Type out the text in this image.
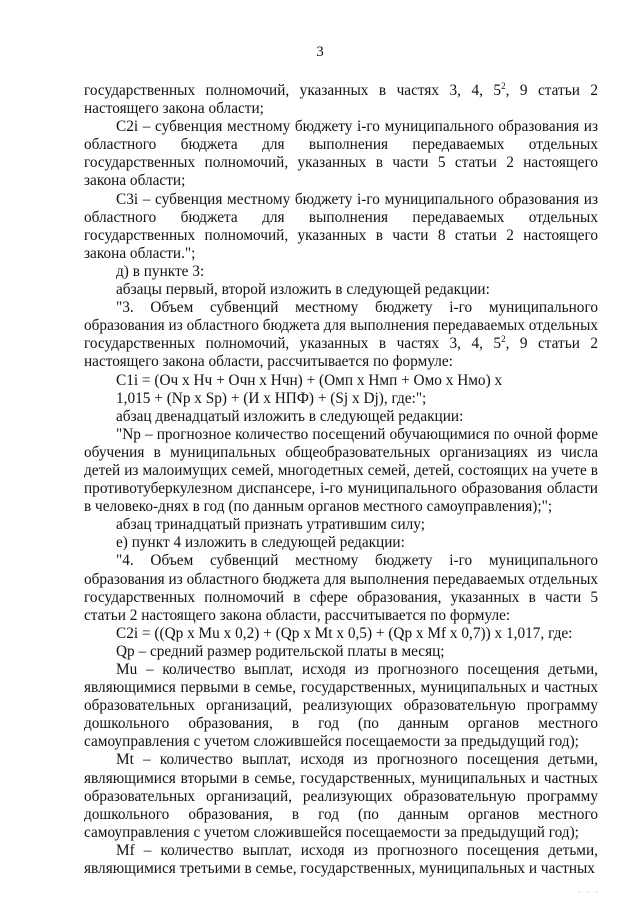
3

государственных полномочий, указанных в частях 3, 4, $5^2$, 9 статьи 2 настоящего закона области;

C2i – субвенция местному бюджету i-го муниципального образования из областного бюджета для выполнения передаваемых отдельных государственных полномочий, указанных в части 5 статьи 2 настоящего закона области;

C3i – субвенция местному бюджету i-го муниципального образования из областного бюджета для выполнения передаваемых отдельных государственных полномочий, указанных в части 8 статьи 2 настоящего закона области.";

д) в пункте 3:

абзацы первый, второй изложить в следующей редакции:

"3. Объем субвенций местному бюджету i-го муниципального образования из областного бюджета для выполнения передаваемых отдельных государственных полномочий, указанных в частях 3, 4, $5^2$, 9 статьи 2 настоящего закона области, рассчитывается по формуле:

C1i = (Оч x Нч + Очн x Нчн) + (Омп x Нмп + Омо x Нмо) x

1,015 + (Np x Sp) + (И x НПФ) + (Sj x Dj), где:";

абзац двенадцатый изложить в следующей редакции:

"Np – прогнозное количество посещений обучающимися по очной форме обучения в муниципальных общеобразовательных организациях из числа детей из малоимущих семей, многодетных семей, детей, состоящих на учете в противотуберкулезном диспансере, i-го муниципального образования области в человеко-днях в год (по данным органов местного самоуправления);";

абзац тринадцатый признать утратившим силу;

е) пункт 4 изложить в следующей редакции:

"4. Объем субвенций местному бюджету i-го муниципального образования из областного бюджета для выполнения передаваемых отдельных государственных полномочий в сфере образования, указанных в части 5 статьи 2 настоящего закона области, рассчитывается по формуле:

C2i = ((Qp x Mu x 0,2) + (Qp x Mt x 0,5) + (Qp x Mf x 0,7)) x 1,017, где:

Qp – средний размер родительской платы в месяц;

Mu – количество выплат, исходя из прогнозного посещения детьми, являющимися первыми в семье, государственных, муниципальных и частных образовательных организаций, реализующих образовательную программу дошкольного образования, в год (по данным органов местного самоуправления с учетом сложившейся посещаемости за предыдущий год);

Mt – количество выплат, исходя из прогнозного посещения детьми, являющимися вторыми в семье, государственных, муниципальных и частных образовательных организаций, реализующих образовательную программу дошкольного образования, в год (по данным органов местного самоуправления с учетом сложившейся посещаемости за предыдущий год);

Mf – количество выплат, исходя из прогнозного посещения детьми, являющимися третьими в семье, государственных, муниципальных и частных

· · ·
